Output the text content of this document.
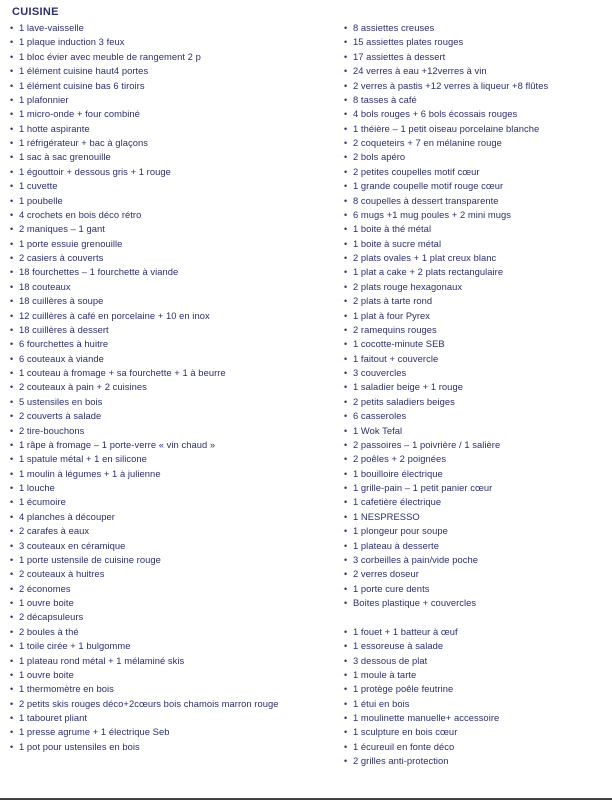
CUISINE
• 1 lave-vaisselle
• 1 plaque induction 3 feux
• 1 bloc évier avec meuble de rangement 2 p
• 1 élément cuisine haut4 portes
• 1 élément cuisine bas 6 tiroirs
• 1 plafonnier
• 1 micro-onde + four combiné
• 1 hotte aspirante
• 1 réfrigérateur + bac à glaçons
• 1 sac à sac grenouille
• 1 égouttoir + dessous gris + 1 rouge
• 1 cuvette
• 1 poubelle
• 4 crochets en bois déco rétro
• 2 maniques – 1 gant
• 1 porte essuie grenouille
• 2 casiers à couverts
• 18 fourchettes – 1 fourchette à viande
• 18 couteaux
• 18 cuillères à soupe
• 12 cuillères à café en porcelaine + 10 en inox
• 18 cuillères à dessert
• 6 fourchettes à huitre
• 6 couteaux à viande
• 1 couteau à fromage + sa fourchette + 1 à beurre
• 2 couteaux à pain + 2 cuisines
• 5 ustensiles en bois
• 2 couverts à salade
• 2 tire-bouchons
• 1 râpe à fromage – 1 porte-verre « vin chaud »
• 1 spatule métal + 1 en silicone
• 1 moulin à légumes + 1 à julienne
• 1 louche
• 1 écumoire
• 4 planches à découper
• 2 carafes à eaux
• 3 couteaux en céramique
• 1 porte ustensile de cuisine rouge
• 2 couteaux à huitres
• 2 économes
• 1 ouvre boite
• 2 décapsuleurs
• 2 boules à thé
• 1 toile cirée + 1 bulgomme
• 1 plateau rond métal + 1 mélaminé skis
• 1 ouvre boite
• 1 thermomètre en bois
• 2 petits skis rouges déco+2cœurs bois chamois marron rouge
• 1 tabouret pliant
• 1 presse agrume + 1 électrique Seb
• 1 pot pour ustensiles en bois
• 8 assiettes creuses
• 15 assiettes plates rouges
• 17 assiettes à dessert
• 24 verres à eau +12verres à vin
• 2 verres à pastis +12 verres à liqueur +8 flûtes
• 8 tasses à café
• 4 bols rouges + 6 bols écossais rouges
• 1 théière – 1 petit oiseau porcelaine blanche
• 2 coqueteirs + 7 en mélanine rouge
• 2 bols apéro
• 2 petites coupelles motif cœur
• 1 grande coupelle motif rouge cœur
• 8 coupelles à dessert transparente
• 6 mugs +1 mug poules + 2 mini mugs
• 1 boite à thé métal
• 1 boite à sucre métal
• 2 plats ovales + 1 plat creux blanc
• 1 plat a cake + 2 plats rectangulaire
• 2 plats rouge hexagonaux
• 2 plats à tarte rond
• 1 plat à four Pyrex
• 2 ramequins rouges
• 1 cocotte-minute SEB
• 1 faitout + couvercle
• 3 couvercles
• 1 saladier beige + 1 rouge
• 2 petits saladiers beiges
• 6 casseroles
• 1 Wok Tefal
• 2 passoires – 1 poivrière / 1 salière
• 2 poêles + 2 poignées
• 1 bouilloire électrique
• 1 grille-pain – 1 petit panier cœur
• 1 cafetière électrique
• 1 NESPRESSO
• 1 plongeur pour soupe
• 1 plateau à desserte
• 3 corbeilles à pain/vide poche
• 2 verres doseur
• 1 porte cure dents
• Boites plastique + couvercles

• 1 fouet + 1 batteur à œuf
• 1 essoreuse à salade
• 3 dessous de plat
• 1 moule à tarte
• 1 protège poêle feutrine
• 1 étui en bois
• 1 moulinette manuelle+ accessoire
• 1 sculpture en bois cœur
• 1 écureuil en fonte déco
• 2 grilles anti-protection
